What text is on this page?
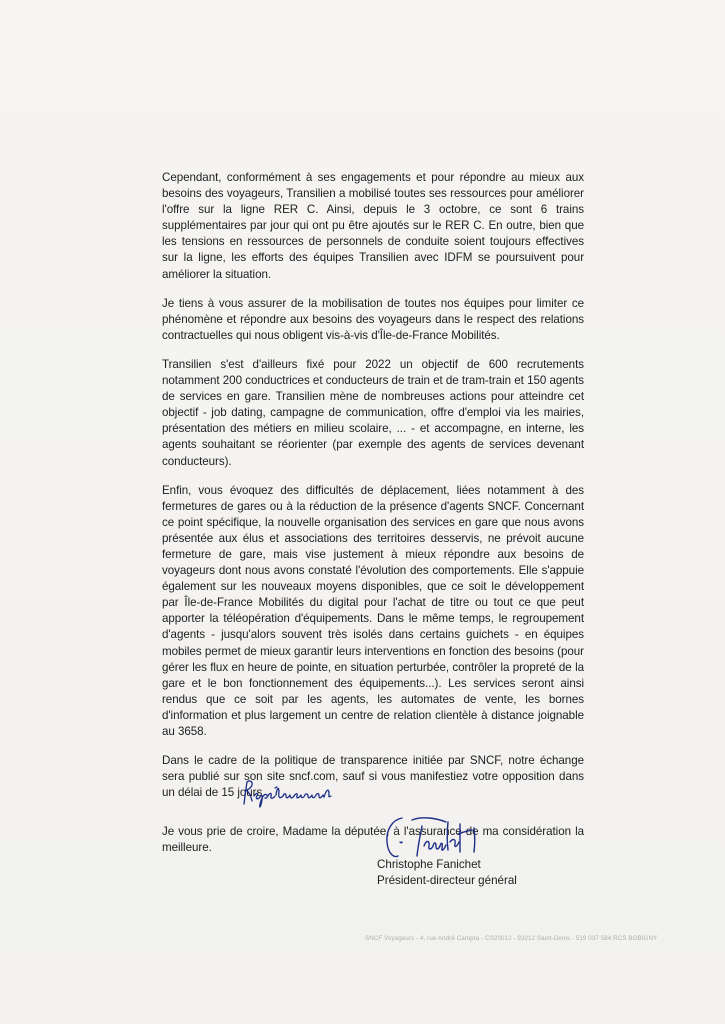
Cependant, conformément à ses engagements et pour répondre au mieux aux besoins des voyageurs, Transilien a mobilisé toutes ses ressources pour améliorer l'offre sur la ligne RER C. Ainsi, depuis le 3 octobre, ce sont 6 trains supplémentaires par jour qui ont pu être ajoutés sur le RER C. En outre, bien que les tensions en ressources de personnels de conduite soient toujours effectives sur la ligne, les efforts des équipes Transilien avec IDFM se poursuivent pour améliorer la situation.

Je tiens à vous assurer de la mobilisation de toutes nos équipes pour limiter ce phénomène et répondre aux besoins des voyageurs dans le respect des relations contractuelles qui nous obligent vis-à-vis d'Île-de-France Mobilités.

Transilien s'est d'ailleurs fixé pour 2022 un objectif de 600 recrutements notamment 200 conductrices et conducteurs de train et de tram-train et 150 agents de services en gare. Transilien mène de nombreuses actions pour atteindre cet objectif - job dating, campagne de communication, offre d'emploi via les mairies, présentation des métiers en milieu scolaire, ... - et accompagne, en interne, les agents souhaitant se réorienter (par exemple des agents de services devenant conducteurs).

Enfin, vous évoquez des difficultés de déplacement, liées notamment à des fermetures de gares ou à la réduction de la présence d'agents SNCF. Concernant ce point spécifique, la nouvelle organisation des services en gare que nous avons présentée aux élus et associations des territoires desservis, ne prévoit aucune fermeture de gare, mais vise justement à mieux répondre aux besoins de voyageurs dont nous avons constaté l'évolution des comportements. Elle s'appuie également sur les nouveaux moyens disponibles, que ce soit le développement par Île-de-France Mobilités du digital pour l'achat de titre ou tout ce que peut apporter la téléopération d'équipements. Dans le même temps, le regroupement d'agents - jusqu'alors souvent très isolés dans certains guichets - en équipes mobiles permet de mieux garantir leurs interventions en fonction des besoins (pour gérer les flux en heure de pointe, en situation perturbée, contrôler la propreté de la gare et le bon fonctionnement des équipements...). Les services seront ainsi rendus que ce soit par les agents, les automates de vente, les bornes d'information et plus largement un centre de relation clientèle à distance joignable au 3658.

Dans le cadre de la politique de transparence initiée par SNCF, notre échange sera publié sur son site sncf.com, sauf si vous manifestiez votre opposition dans un délai de 15 jours.

Je vous prie de croire, Madame la députée, à l'assurance de ma considération la meilleure.

Christophe Fanichet
Président-directeur général
SNCF Voyageurs - 4, rue André Campra - CS20012 - 93212 Saint-Denis - 519 037 584 RCS BOBIGNY
